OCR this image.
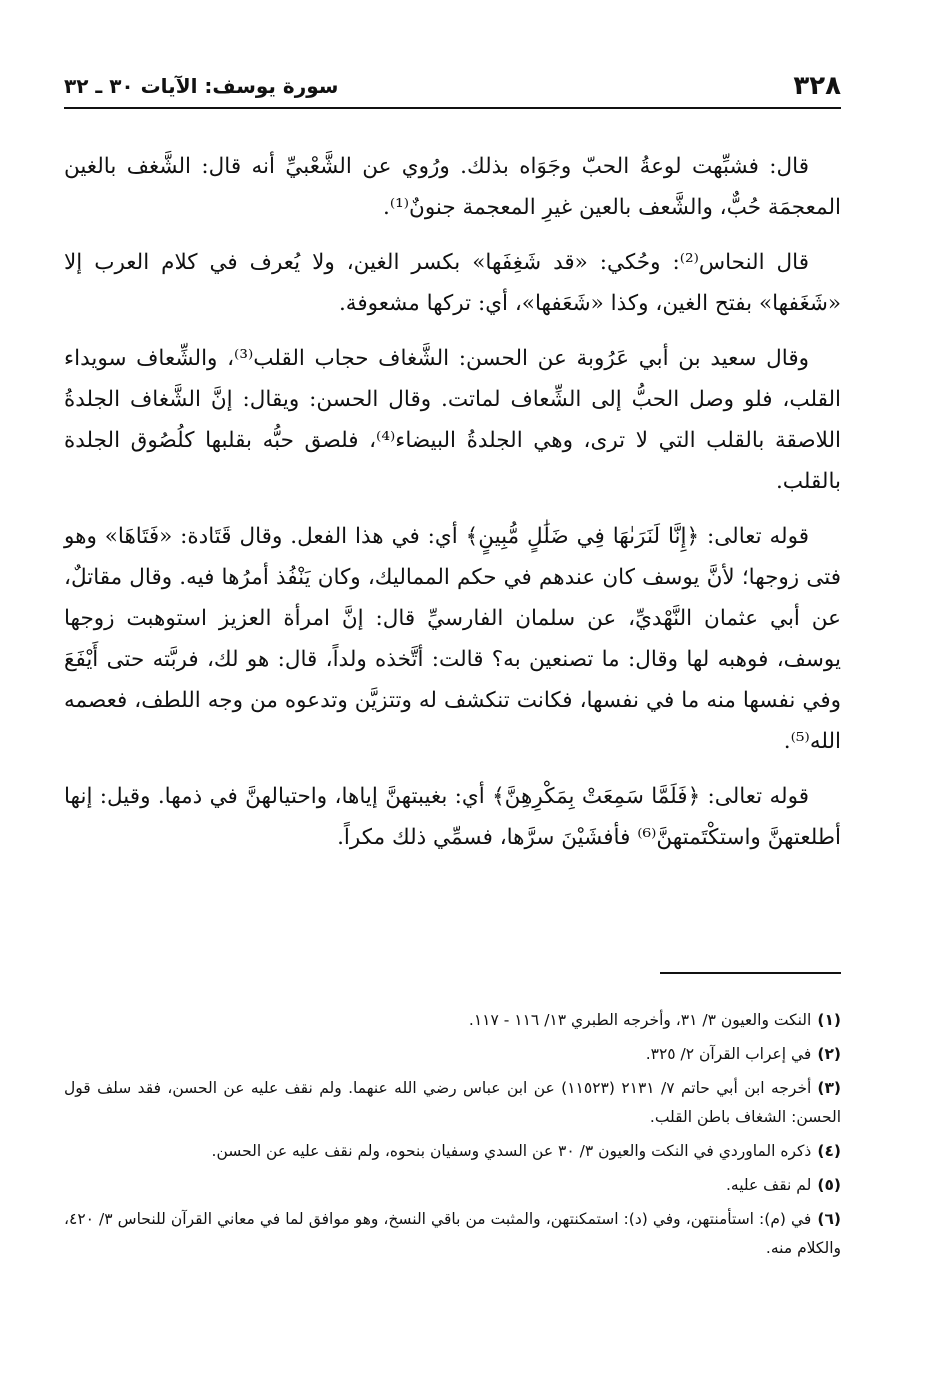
٣٢٨
سورة يوسف: الآيات ٣٠ ـ ٣٢

قال: فشبِّهت لوعةُ الحبّ وجَوَاه بذلك. ورُوي عن الشَّعْبيِّ أنه قال: الشَّغف بالغين المعجمَة حُبٌّ، والشَّعف بالعين غيرِ المعجمة جنونٌ⁽¹⁾.

قال النحاس⁽²⁾: وحُكي: «قد شَغِفَها» بكسر الغين، ولا يُعرف في كلام العرب إلا «شَغَفها» بفتح الغين، وكذا «شَعَفها»، أي: تركها مشعوفة.

وقال سعيد بن أبي عَرُوبة عن الحسن: الشَّغاف حجاب القلب⁽³⁾، والشِّعاف سويداء القلب، فلو وصل الحبُّ إلى الشِّعاف لماتت. وقال الحسن: ويقال: إنَّ الشَّغاف الجلدةُ اللاصقة بالقلب التي لا ترى، وهي الجلدةُ البيضاء⁽⁴⁾، فلصق حبُّه بقلبها كلُصُوق الجلدة بالقلب.

قوله تعالى: ﴿إِنَّا لَنَرَىٰهَا فِي ضَلَٰلٍ مُّبِينٍ﴾ أي: في هذا الفعل. وقال قَتَادة: «فَتَاهَا» وهو فتى زوجها؛ لأنَّ يوسف كان عندهم في حكم المماليك، وكان يَنْفُذ أمرُها فيه. وقال مقاتلٌ، عن أبي عثمان النَّهْديِّ، عن سلمان الفارسيِّ قال: إنَّ امرأة العزيز استوهبت زوجها يوسف، فوهبه لها وقال: ما تصنعين به؟ قالت: أتَّخذه ولداً، قال: هو لك، فربَّته حتى أَيْفَعَ وفي نفسها منه ما في نفسها، فكانت تنكشف له وتتزيَّن وتدعوه من وجه اللطف، فعصمه الله⁽⁵⁾.

قوله تعالى: ﴿فَلَمَّا سَمِعَتْ بِمَكْرِهِنَّ﴾ أي: بغيبتهنَّ إياها، واحتيالهنَّ في ذمها. وقيل: إنها أطلعتهنَّ واستكْتَمتهنَّ⁽⁶⁾ فأفشَيْنَ سرَّها، فسمِّي ذلك مكراً.

(١)النكت والعيون ٣/ ٣١، وأخرجه الطبري ١٣/ ١١٦ - ١١٧.

(٢)في إعراب القرآن ٢/ ٣٢٥.

(٣)أخرجه ابن أبي حاتم ٧/ ٢١٣١ (١١٥٢٣) عن ابن عباس رضي الله عنهما. ولم نقف عليه عن الحسن، فقد سلف قول الحسن: الشغاف باطن القلب.

(٤)ذكره الماوردي في النكت والعيون ٣/ ٣٠ عن السدي وسفيان بنحوه، ولم نقف عليه عن الحسن.

(٥)لم نقف عليه.

(٦)في (م): استأمنتهن، وفي (د): استمكنتهن، والمثبت من باقي النسخ، وهو موافق لما في معاني القرآن للنحاس ٣/ ٤٢٠، والكلام منه.
